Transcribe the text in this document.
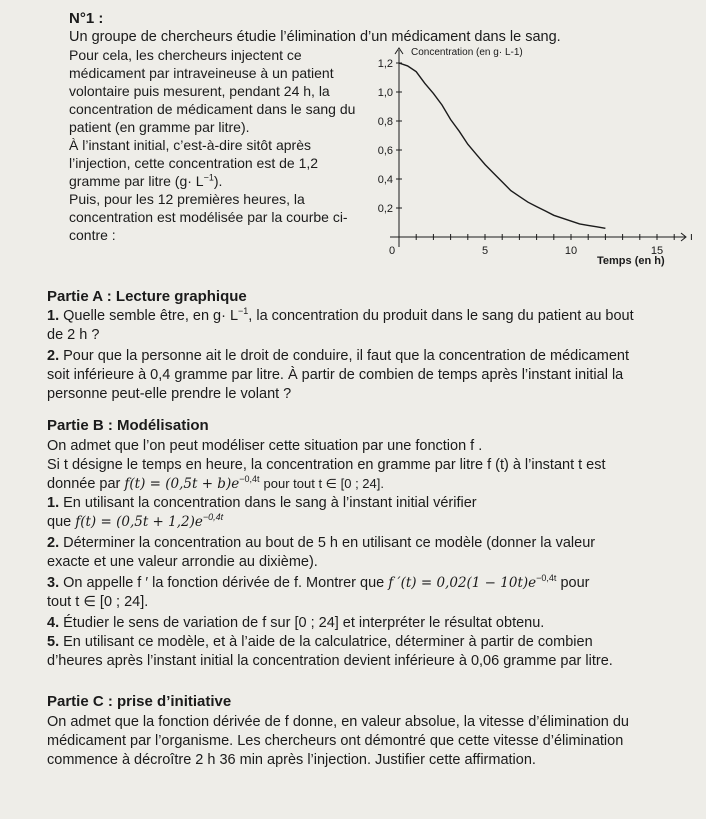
N°1 :
Un groupe de chercheurs étudie l’élimination d’un médicament dans le sang.
Pour cela, les chercheurs injectent ce
médicament par intraveineuse à un patient
volontaire puis mesurent, pendant 24 h, la
concentration de médicament dans le sang du
patient (en gramme par litre).
À l’instant initial, c’est-à-dire sitôt après
l’injection, cette concentration est de 1,2
gramme par litre $(g\cdot L^{-1})$.
Puis, pour les 12 premières heures, la
concentration est modélisée par la courbe ci-
contre :
0,2
0,4
0,6
0,8
1,0
1,2
0	5	10	15
Concentration (en g· L-1)
Temps (en h)
Partie A : Lecture graphique
1. Quelle semble être, en $g\cdot L^{-1}$, la concentration du produit dans le sang du patient au bout
de 2 h ?
2. Pour que la personne ait le droit de conduire, il faut que la concentration de médicament
soit inférieure à 0,4 gramme par litre. À partir de combien de temps après l’instant initial la
personne peut-elle prendre le volant ?
Partie B : Modélisation
On admet que l’on peut modéliser cette situation par une fonction f .
Si t désigne le temps en heure, la concentration en gramme par litre f (t) à l’instant t est
donnée par $f(t) = (0,5t + b)e^{-0,4t}$ pour tout t ∈ [0 ; 24].
1. En utilisant la concentration dans le sang à l’instant initial vérifier
que $f(t) = (0,5t + 1,2)e^{-0,4t}$
2. Déterminer la concentration au bout de 5 h en utilisant ce modèle (donner la valeur
exacte et une valeur arrondie au dixième).
3. On appelle f ′ la fonction dérivée de f. Montrer que f $'(t) = 0,02(1 - 10t)e^{-0,4t}$ pour
tout t ∈ [0 ; 24].
4. Étudier le sens de variation de f sur [0 ; 24] et interpréter le résultat obtenu.
5. En utilisant ce modèle, et à l’aide de la calculatrice, déterminer à partir de combien
d’heures après l’instant initial la concentration devient inférieure à 0,06 gramme par litre.
Partie C : prise d’initiative
On admet que la fonction dérivée de f donne, en valeur absolue, la vitesse d’élimination du
médicament par l’organisme. Les chercheurs ont démontré que cette vitesse d’élimination
commence à décroître 2 h 36 min après l’injection. Justifier cette affirmation.
